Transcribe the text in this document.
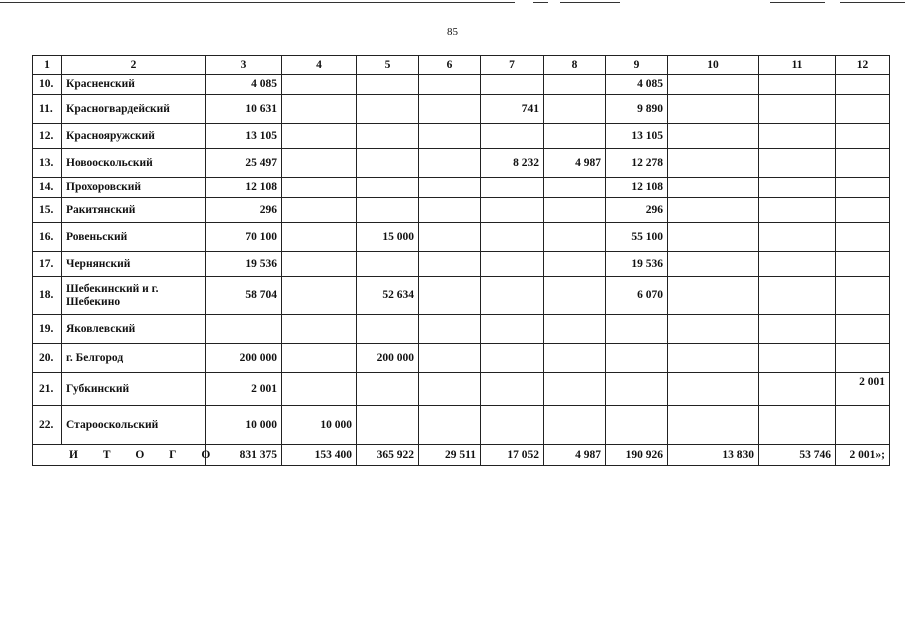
85
1	2	3	4	5	6	7	8	9	10	11	12
10.	Красненский	4 085						4 085			
11.	Красногвардейский	10 631				741		9 890			
12.	Краснояружский	13 105						13 105			
13.	Новооскольский	25 497				8 232	4 987	12 278			
14.	Прохоровский	12 108						12 108			
15.	Ракитянский	296						296			
16.	Ровеньский	70 100		15 000				55 100			
17.	Чернянский	19 536						19 536			
18.	Шебекинский и г. Шебекино	58 704		52 634				6 070			
19.	Яковлевский										
20.	г. Белгород	200 000		200 000							
21.	Губкинский	2 001									2 001
22.	Старооскольский	10 000	10 000								
И Т О Г О		831 375	153 400	365 922	29 511	17 052	4 987	190 926	13 830	53 746	2 001»;
